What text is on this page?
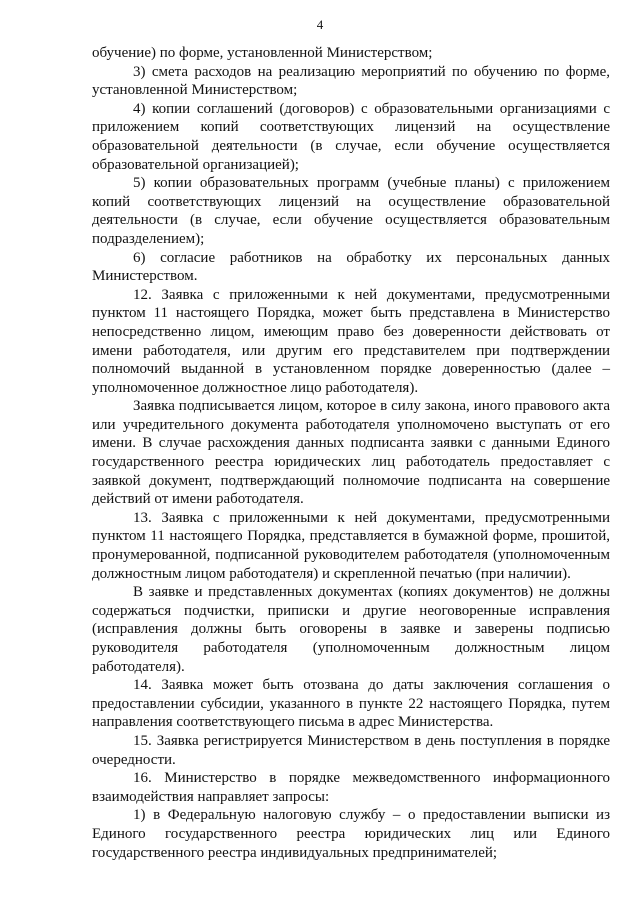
4

обучение) по форме, установленной Министерством;

3) смета расходов на реализацию мероприятий по обучению по форме, установленной Министерством;

4) копии соглашений (договоров) с образовательными организациями с приложением копий соответствующих лицензий на осуществление образовательной деятельности (в случае, если обучение осуществляется образовательной организацией);

5) копии образовательных программ (учебные планы) с приложением копий соответствующих лицензий на осуществление образовательной деятельности (в случае, если обучение осуществляется образовательным подразделением);

6) согласие работников на обработку их персональных данных Министерством.

12. Заявка с приложенными к ней документами, предусмотренными пунктом 11 настоящего Порядка, может быть представлена в Министерство непосредственно лицом, имеющим право без доверенности действовать от имени работодателя, или другим его представителем при подтверждении полномочий выданной в установленном порядке доверенностью (далее – уполномоченное должностное лицо работодателя).

Заявка подписывается лицом, которое в силу закона, иного правового акта или учредительного документа работодателя уполномочено выступать от его имени. В случае расхождения данных подписанта заявки с данными Единого государственного реестра юридических лиц работодатель предоставляет с заявкой документ, подтверждающий полномочие подписанта на совершение действий от имени работодателя.

13. Заявка с приложенными к ней документами, предусмотренными пунктом 11 настоящего Порядка, представляется в бумажной форме, прошитой, пронумерованной, подписанной руководителем работодателя (уполномоченным должностным лицом работодателя) и скрепленной печатью (при наличии).

В заявке и представленных документах (копиях документов) не должны содержаться подчистки, приписки и другие неоговоренные исправления (исправления должны быть оговорены в заявке и заверены подписью руководителя работодателя (уполномоченным должностным лицом работодателя).

14. Заявка может быть отозвана до даты заключения соглашения о предоставлении субсидии, указанного в пункте 22 настоящего Порядка, путем направления соответствующего письма в адрес Министерства.

15. Заявка регистрируется Министерством в день поступления в порядке очередности.

16. Министерство в порядке межведомственного информационного взаимодействия направляет запросы:

1) в Федеральную налоговую службу – о предоставлении выписки из Единого государственного реестра юридических лиц или Единого государственного реестра индивидуальных предпринимателей;
